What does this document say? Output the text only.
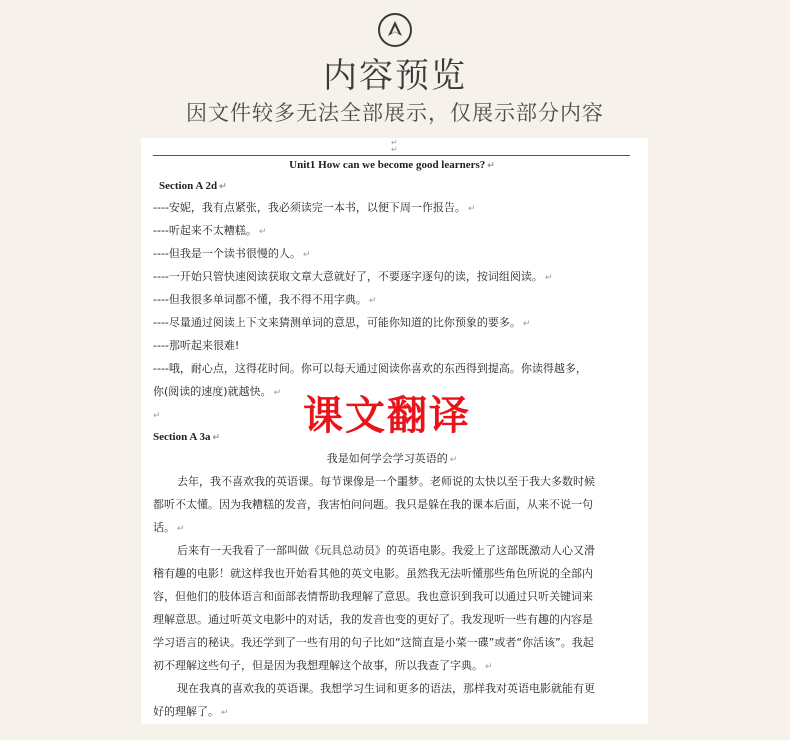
内容预览
因文件较多无法全部展示，仅展示部分内容
↵
↵
Unit1 How can we become good learners? ↵
Section A 2d ↵
----安妮，我有点紧张，我必须读完一本书，以便下周一作报告。 ↵
----听起来不太糟糕。 ↵
----但我是一个读书很慢的人。 ↵
----一开始只管快速阅读获取文章大意就好了，不要逐字逐句的读，按词组阅读。 ↵
----但我很多单词都不懂，我不得不用字典。 ↵
----尽量通过阅读上下文来猜测单词的意思，可能你知道的比你预象的要多。 ↵
----那听起来很难!
----哦，耐心点，这得花时间。你可以每天通过阅读你喜欢的东西得到提高。你读得越多，
你(阅读的速度)就越快。 ↵
↵	课文翻译
Section A 3a ↵
我是如何学会学习英语的 ↵
去年，我不喜欢我的英语课。每节课像是一个噩梦。老师说的太快以至于我大多数时候
都听不太懂。因为我糟糕的发音，我害怕问问题。我只是躲在我的课本后面，从来不说一句
话。 ↵
后来有一天我看了一部叫做《玩具总动员》的英语电影。我爱上了这部既激动人心又滑
稽有趣的电影！就这样我也开始看其他的英文电影。虽然我无法听懂那些角色所说的全部内
容，但他们的肢体语言和面部表情帮助我理解了意思。我也意识到我可以通过只听关键词来
理解意思。通过听英文电影中的对话，我的发音也变的更好了。我发现听一些有趣的内容是
学习语言的秘诀。我还学到了一些有用的句子比如“这简直是小菜一碟”或者“你活该”。我起
初不理解这些句子，但是因为我想理解这个故事，所以我查了字典。 ↵
现在我真的喜欢我的英语课。我想学习生词和更多的语法，那样我对英语电影就能有更
好的理解了。 ↵
